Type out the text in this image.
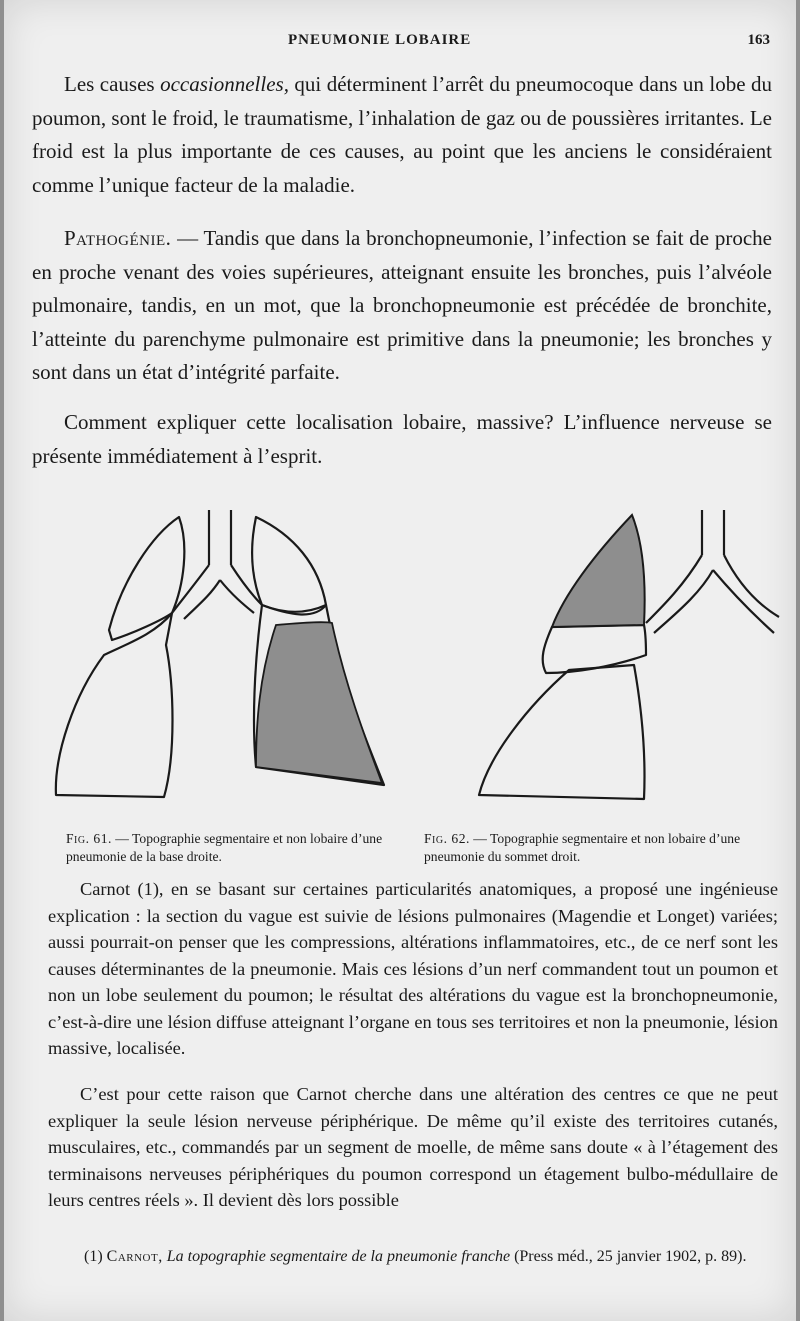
PNEUMONIE LOBAIRE	163

Les causes occasionnelles, qui déterminent l’arrêt du pneumocoque dans un lobe du poumon, sont le froid, le traumatisme, l’inhalation de gaz ou de poussières irritantes. Le froid est la plus importante de ces causes, au point que les anciens le considéraient comme l’unique facteur de la maladie.

Pathogénie. — Tandis que dans la bronchopneumonie, l’infection se fait de proche en proche venant des voies supérieures, atteignant ensuite les bronches, puis l’alvéole pulmonaire, tandis, en un mot, que la bronchopneumonie est précédée de bronchite, l’atteinte du parenchyme pulmonaire est primitive dans la pneumonie; les bronches y sont dans un état d’intégrité parfaite.

Comment expliquer cette localisation lobaire, massive? L’influence nerveuse se présente immédiatement à l’esprit.

Fig. 61. — Topographie segmentaire et non lobaire d’une pneumonie de la base droite.
Fig. 62. — Topographie segmentaire et non lobaire d’une pneumonie du sommet droit.

Carnot (1), en se basant sur certaines particularités anatomiques, a proposé une ingénieuse explication : la section du vague est suivie de lésions pulmonaires (Magendie et Longet) variées; aussi pourrait-on penser que les compressions, altérations inflammatoires, etc., de ce nerf sont les causes déterminantes de la pneumonie. Mais ces lésions d’un nerf commandent tout un poumon et non un lobe seulement du poumon; le résultat des altérations du vague est la bronchopneumonie, c’est-à-dire une lésion diffuse atteignant l’organe en tous ses territoires et non la pneumonie, lésion massive, localisée.

C’est pour cette raison que Carnot cherche dans une altération des centres ce que ne peut expliquer la seule lésion nerveuse périphérique. De même qu’il existe des territoires cutanés, musculaires, etc., commandés par un segment de moelle, de même sans doute « à l’étagement des terminaisons nerveuses périphériques du poumon correspond un étagement bulbo-médullaire de leurs centres réels ». Il devient dès lors possible

(1) Carnot, La topographie segmentaire de la pneumonie franche (Press méd., 25 janvier 1902, p. 89).
